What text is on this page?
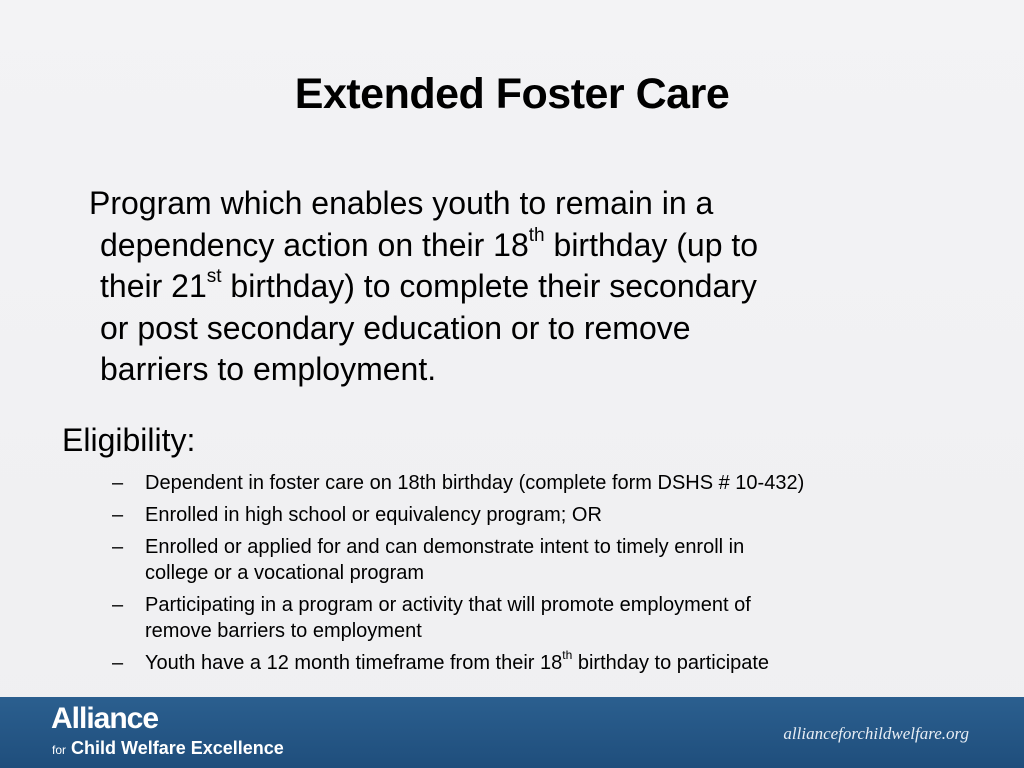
Extended Foster Care
Program which enables youth to remain in a
dependency action on their 18th birthday (up to
their 21st birthday) to complete their secondary
or post secondary education or to remove
barriers to employment.
Eligibility:
– Dependent in foster care on 18th birthday (complete form DSHS # 10-432)
– Enrolled in high school or equivalency program; OR
– Enrolled or applied for and can demonstrate intent to timely enroll in
college or a vocational program
– Participating in a program or activity that will promote employment of
remove barriers to employment
– Youth have a 12 month timeframe from their 18th birthday to participate
Alliance
for Child Welfare Excellence
allianceforchildwelfare.org
